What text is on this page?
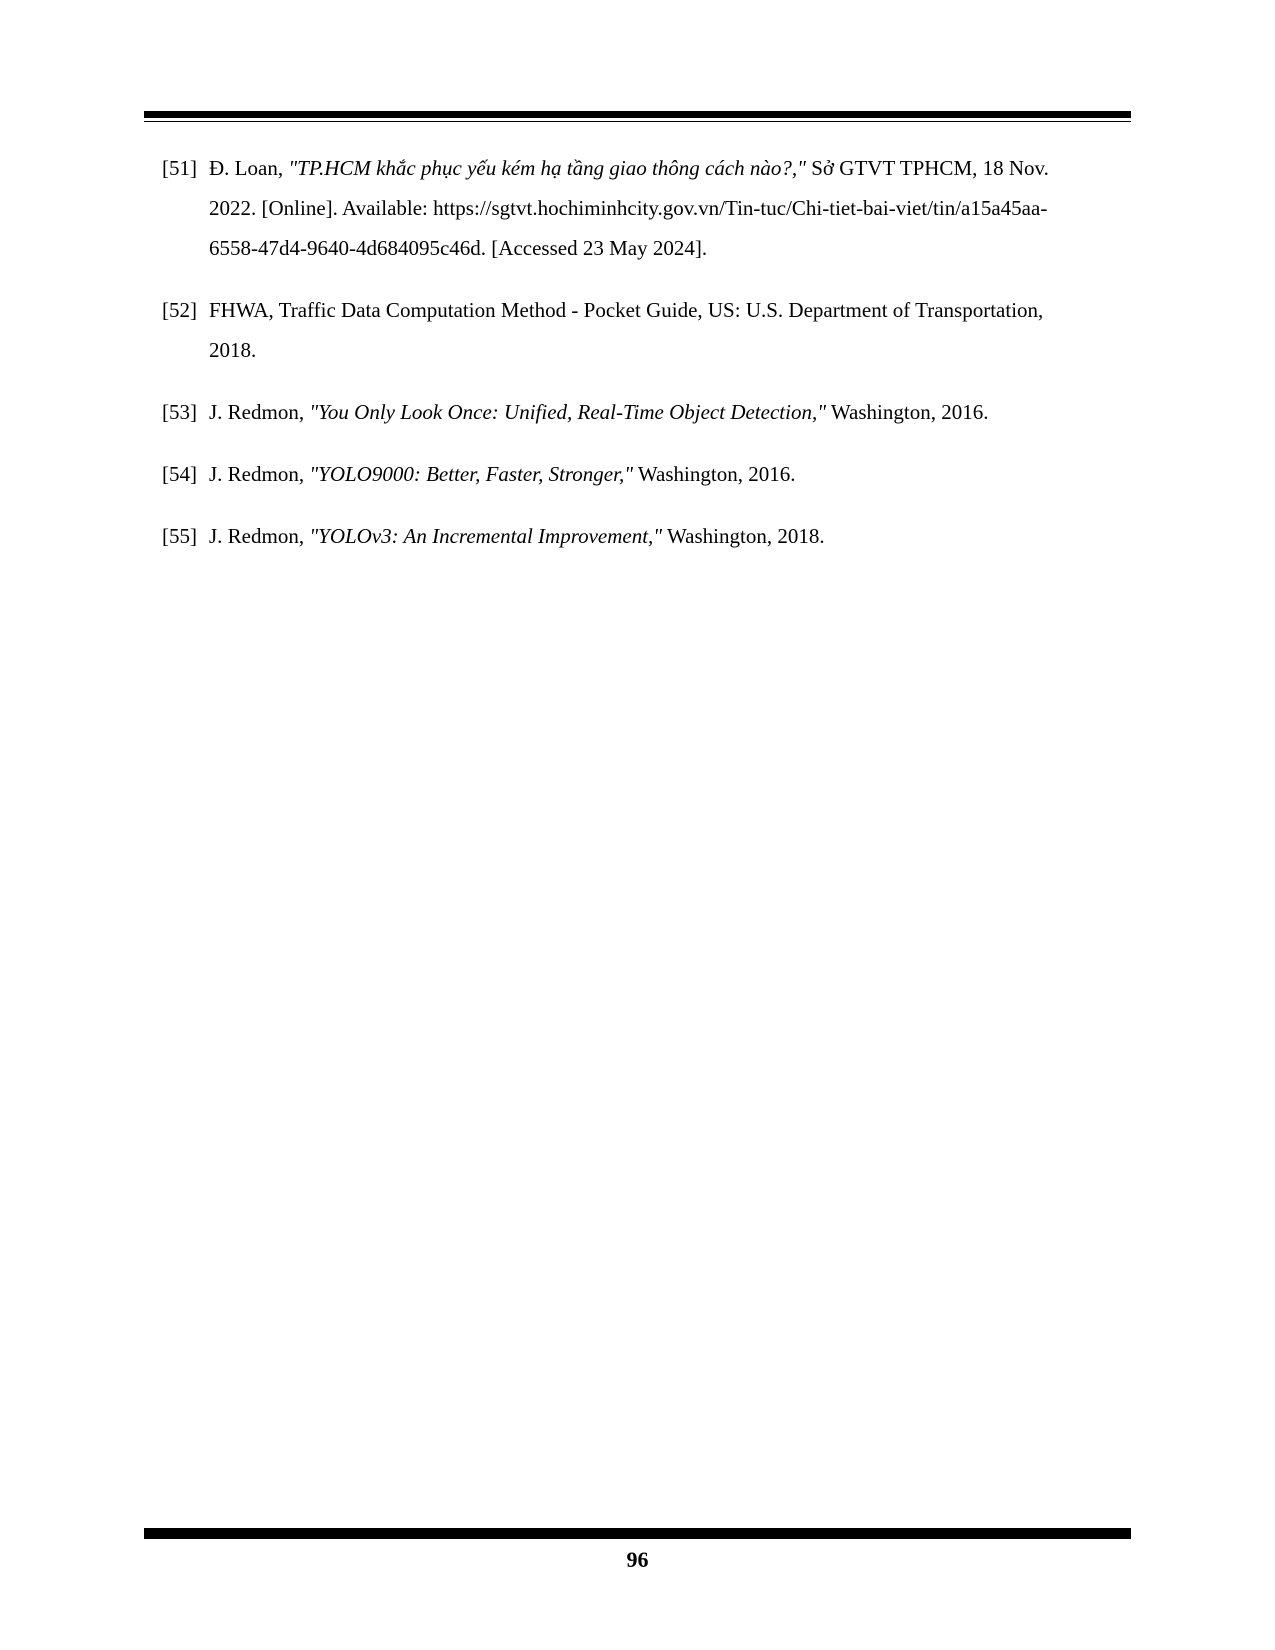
[51] Đ. Loan, "TP.HCM khắc phục yếu kém hạ tầng giao thông cách nào?," Sở GTVT TPHCM, 18 Nov. 2022. [Online]. Available: https://sgtvt.hochiminhcity.gov.vn/Tin-tuc/Chi-tiet-bai-viet/tin/a15a45aa-6558-47d4-9640-4d684095c46d. [Accessed 23 May 2024].
[52] FHWA, Traffic Data Computation Method - Pocket Guide, US: U.S. Department of Transportation, 2018.
[53] J. Redmon, "You Only Look Once: Unified, Real-Time Object Detection," Washington, 2016.
[54] J. Redmon, "YOLO9000: Better, Faster, Stronger," Washington, 2016.
[55] J. Redmon, "YOLOv3: An Incremental Improvement," Washington, 2018.
96
